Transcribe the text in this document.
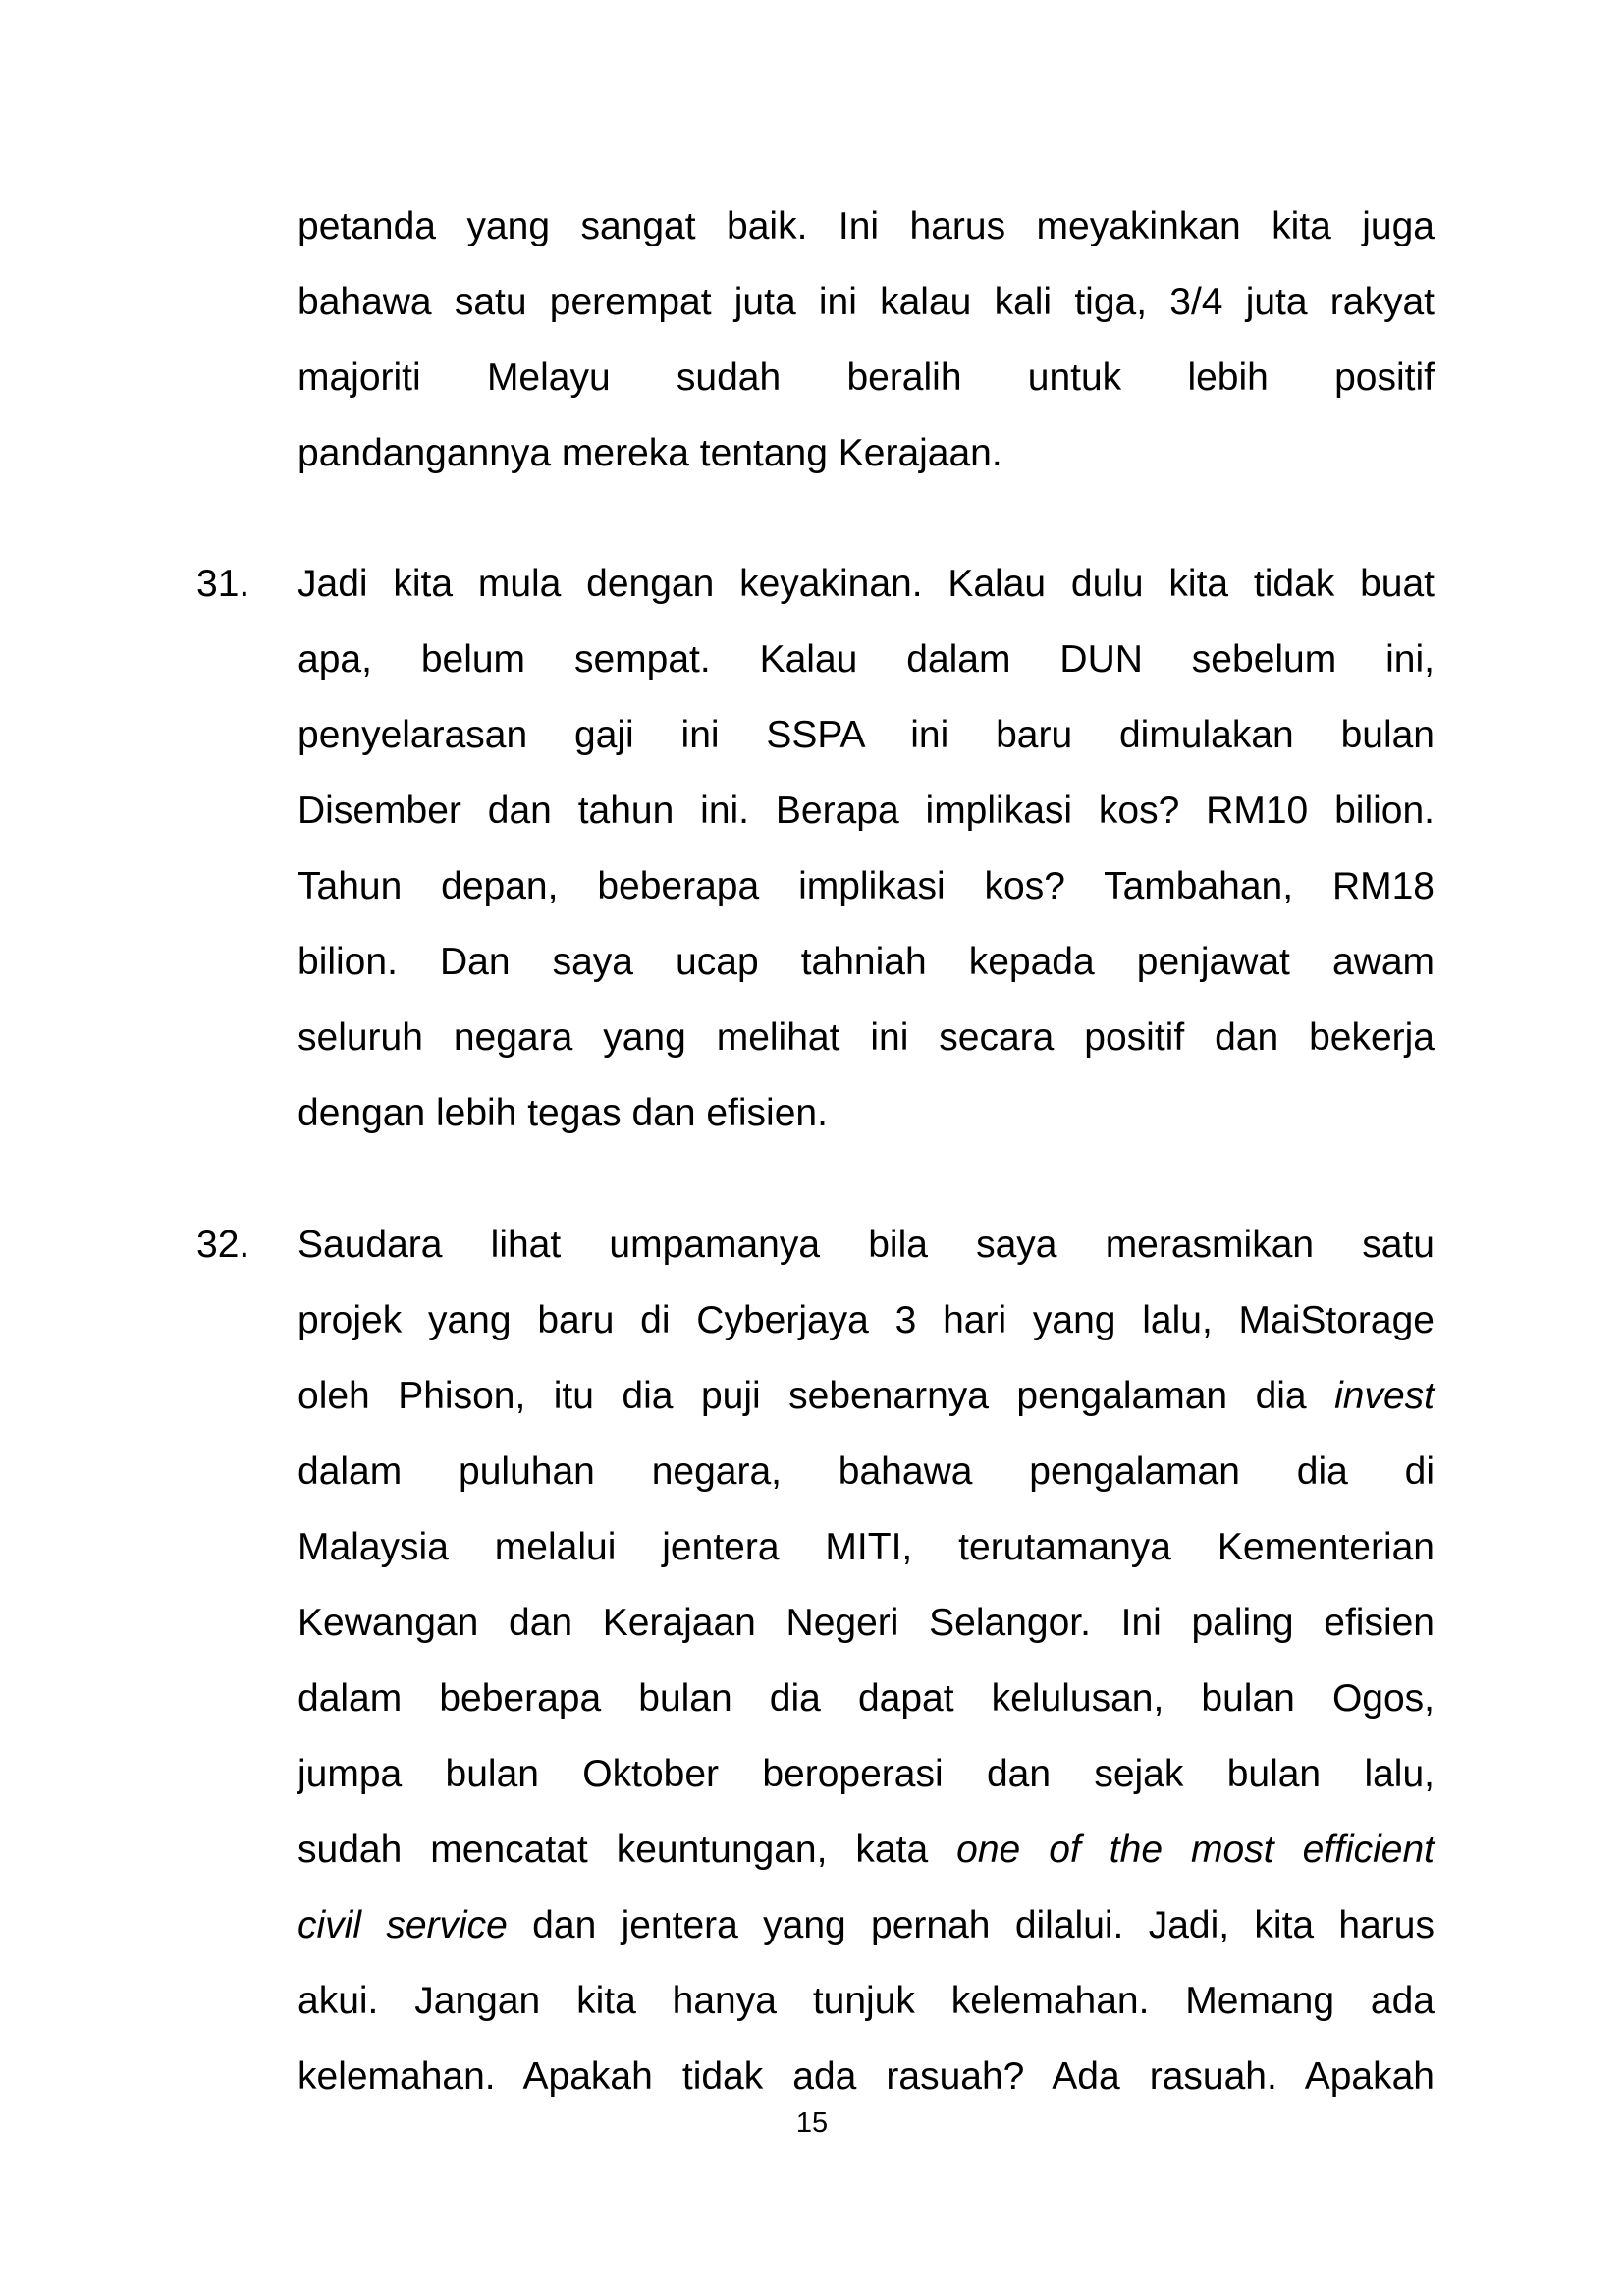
petanda yang sangat baik. Ini harus meyakinkan kita juga
bahawa satu perempat juta ini kalau kali tiga, 3/4 juta rakyat
majoriti Melayu sudah beralih untuk lebih positif
pandangannya mereka tentang Kerajaan.
31. Jadi kita mula dengan keyakinan. Kalau dulu kita tidak buat
apa, belum sempat. Kalau dalam DUN sebelum ini,
penyelarasan gaji ini SSPA ini baru dimulakan bulan
Disember dan tahun ini. Berapa implikasi kos? RM10 bilion.
Tahun depan, beberapa implikasi kos? Tambahan, RM18
bilion. Dan saya ucap tahniah kepada penjawat awam
seluruh negara yang melihat ini secara positif dan bekerja
dengan lebih tegas dan efisien.
32. Saudara lihat umpamanya bila saya merasmikan satu
projek yang baru di Cyberjaya 3 hari yang lalu, MaiStorage
oleh Phison, itu dia puji sebenarnya pengalaman dia invest
dalam puluhan negara, bahawa pengalaman dia di
Malaysia melalui jentera MITI, terutamanya Kementerian
Kewangan dan Kerajaan Negeri Selangor. Ini paling efisien
dalam beberapa bulan dia dapat kelulusan, bulan Ogos,
jumpa bulan Oktober beroperasi dan sejak bulan lalu,
sudah mencatat keuntungan, kata one of the most efficient
civil service dan jentera yang pernah dilalui. Jadi, kita harus
akui. Jangan kita hanya tunjuk kelemahan. Memang ada
kelemahan. Apakah tidak ada rasuah? Ada rasuah. Apakah
15
